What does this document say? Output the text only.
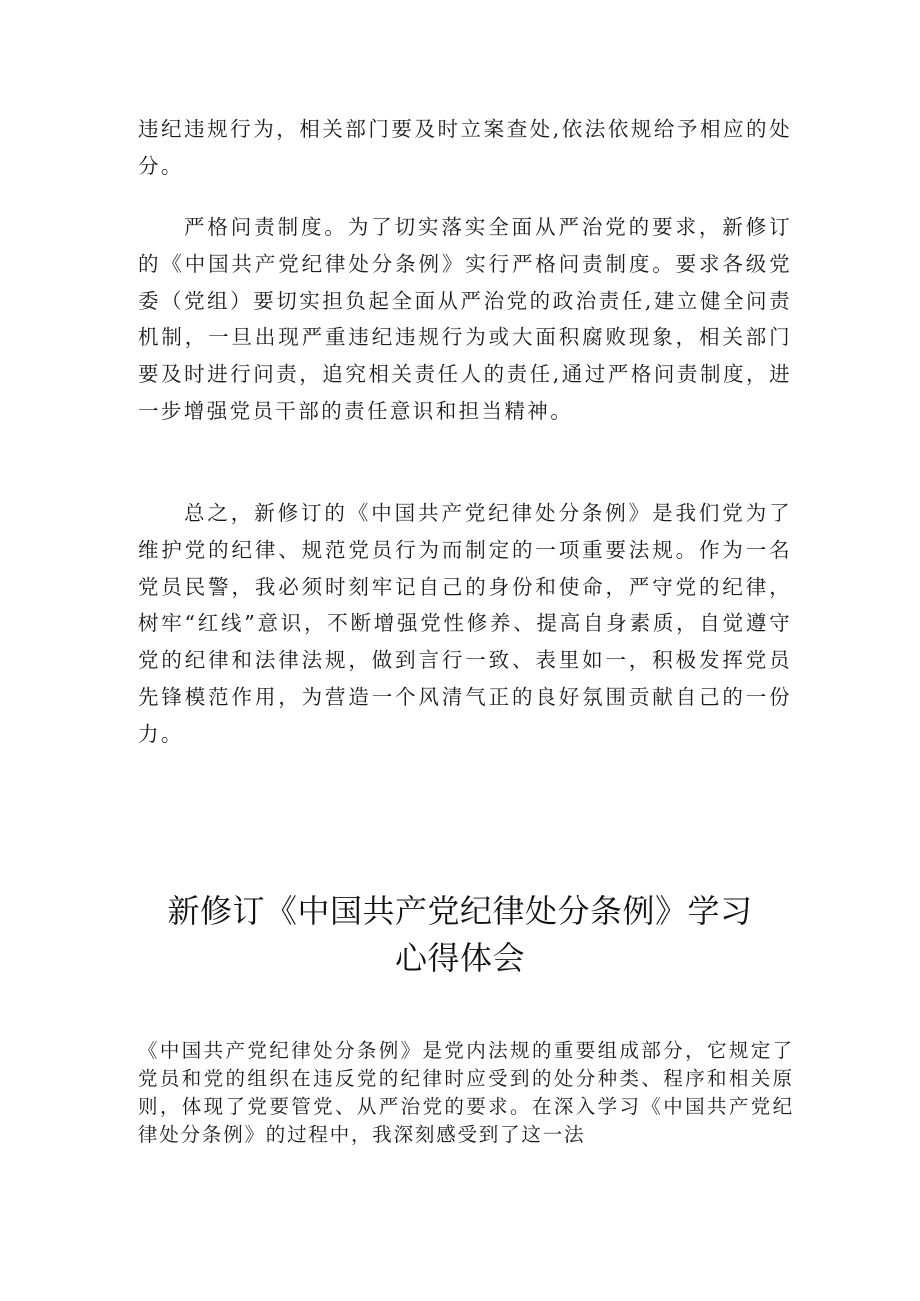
违纪违规行为，相关部门要及时立案查处,依法依规给予相应的处分。

严格问责制度。为了切实落实全面从严治党的要求，新修订的《中国共产党纪律处分条例》实行严格问责制度。要求各级党委（党组）要切实担负起全面从严治党的政治责任,建立健全问责机制，一旦出现严重违纪违规行为或大面积腐败现象，相关部门要及时进行问责，追究相关责任人的责任,通过严格问责制度，进一步增强党员干部的责任意识和担当精神。

总之，新修订的《中国共产党纪律处分条例》是我们党为了维护党的纪律、规范党员行为而制定的一项重要法规。作为一名党员民警，我必须时刻牢记自己的身份和使命，严守党的纪律，树牢“红线”意识，不断增强党性修养、提高自身素质，自觉遵守党的纪律和法律法规，做到言行一致、表里如一，积极发挥党员先锋模范作用，为营造一个风清气正的良好氛围贡献自己的一份力。

新修订《中国共产党纪律处分条例》学习
心得体会

《中国共产党纪律处分条例》是党内法规的重要组成部分，它规定了党员和党的组织在违反党的纪律时应受到的处分种类、程序和相关原则，体现了党要管党、从严治党的要求。在深入学习《中国共产党纪律处分条例》的过程中，我深刻感受到了这一法
